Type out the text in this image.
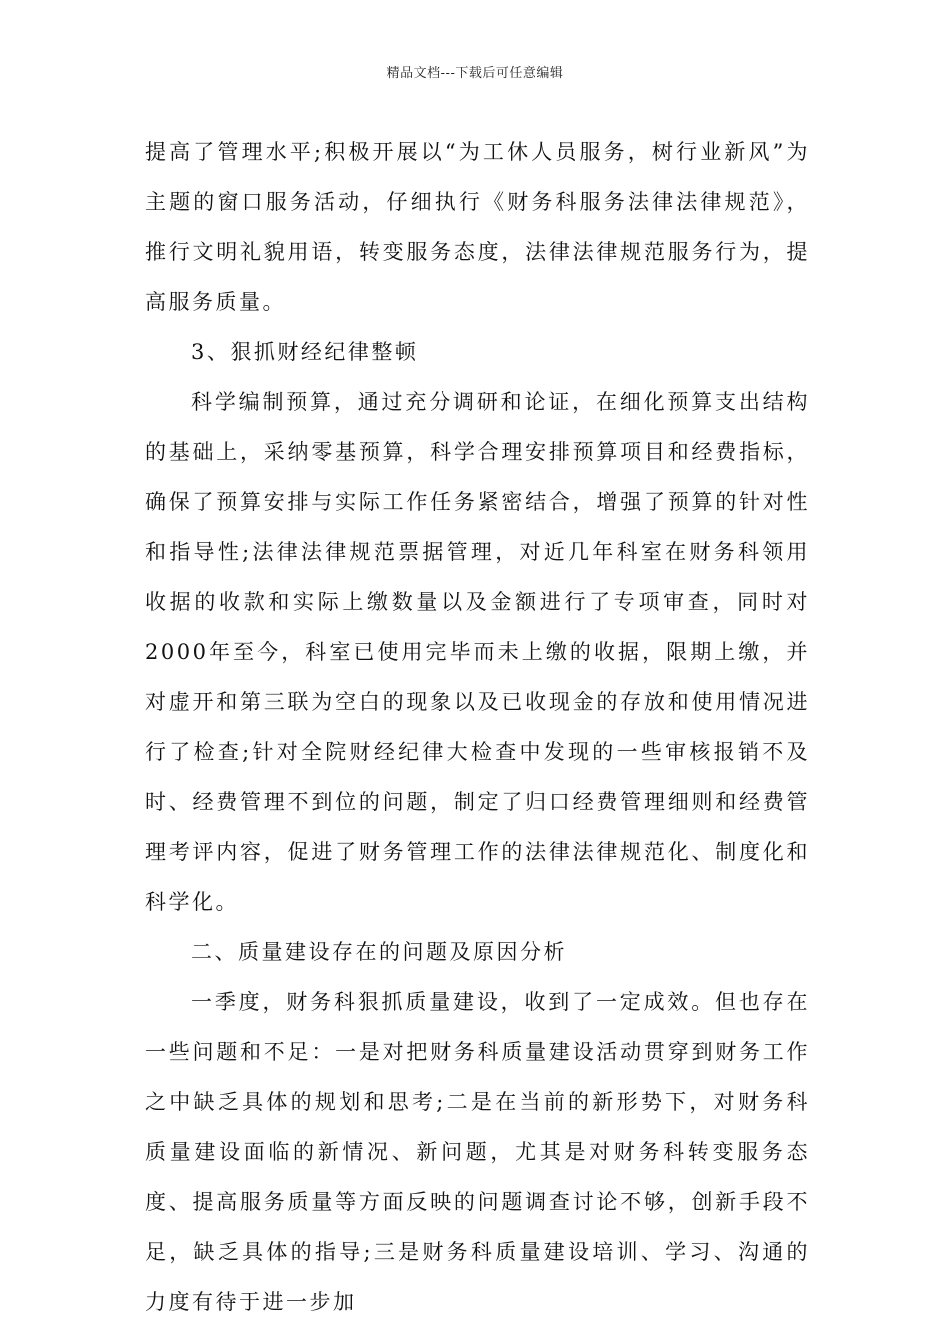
精品文档---下载后可任意编辑

提高了管理水平;积极开展以“为工休人员服务，树行业新风”为主题的窗口服务活动，仔细执行《财务科服务法律法律规范》，推行文明礼貌用语，转变服务态度，法律法律规范服务行为，提高服务质量。

3、狠抓财经纪律整顿

科学编制预算，通过充分调研和论证，在细化预算支出结构的基础上，采纳零基预算，科学合理安排预算项目和经费指标，确保了预算安排与实际工作任务紧密结合，增强了预算的针对性和指导性;法律法律规范票据管理，对近几年科室在财务科领用收据的收款和实际上缴数量以及金额进行了专项审查，同时对2000年至今，科室已使用完毕而未上缴的收据，限期上缴，并对虚开和第三联为空白的现象以及已收现金的存放和使用情况进行了检查;针对全院财经纪律大检查中发现的一些审核报销不及时、经费管理不到位的问题，制定了归口经费管理细则和经费管理考评内容，促进了财务管理工作的法律法律规范化、制度化和科学化。

二、质量建设存在的问题及原因分析

一季度，财务科狠抓质量建设，收到了一定成效。但也存在一些问题和不足：一是对把财务科质量建设活动贯穿到财务工作之中缺乏具体的规划和思考;二是在当前的新形势下，对财务科质量建设面临的新情况、新问题，尤其是对财务科转变服务态度、提高服务质量等方面反映的问题调查讨论不够，创新手段不足，缺乏具体的指导;三是财务科质量建设培训、学习、沟通的力度有待于进一步加
